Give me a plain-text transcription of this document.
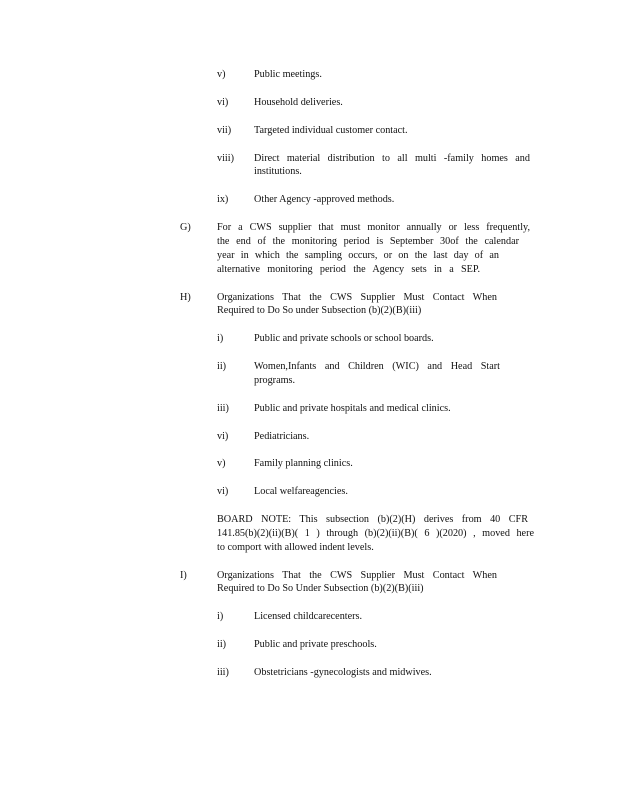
v)	Public meetings.
vi)	Household deliveries.
vii) Targeted individual customer contact.
viii) Direct material distribution to all multi -family homes and
institutions.
ix)	Other Agency -approved methods.
G)	For a CWS supplier that must monitor annually or less frequently,
the end of the monitoring period is September 30of the calendar
year in which the sampling occurs, or on the last day of an
alternative monitoring period the Agency sets in a SEP.
H)	Organizations That the CWS Supplier Must Contact When
Required to Do So under Subsection (b)(2)(B)(iii)
i)	Public and private schools or school boards.
ii)	Women,Infants and Children (WIC) and Head Start
programs.
iii) Public and private hospitals and medical clinics.
vi)	Pediatricians.
v)	Family planning clinics.
vi)	Local welfareagencies.
BOARD NOTE: This subsection (b)(2)(H) derives from 40 CFR
141.85(b)(2)(ii)(B)( 1 ) through (b)(2)(ii)(B)( 6 )(2020) , moved here
to comport with allowed indent levels.
I)	Organizations That the CWS Supplier Must Contact When
Required to Do So Under Subsection (b)(2)(B)(iii)
i)	Licensed childcarecenters.
ii)	Public and private preschools.
iii) Obstetricians -gynecologists and midwives.
